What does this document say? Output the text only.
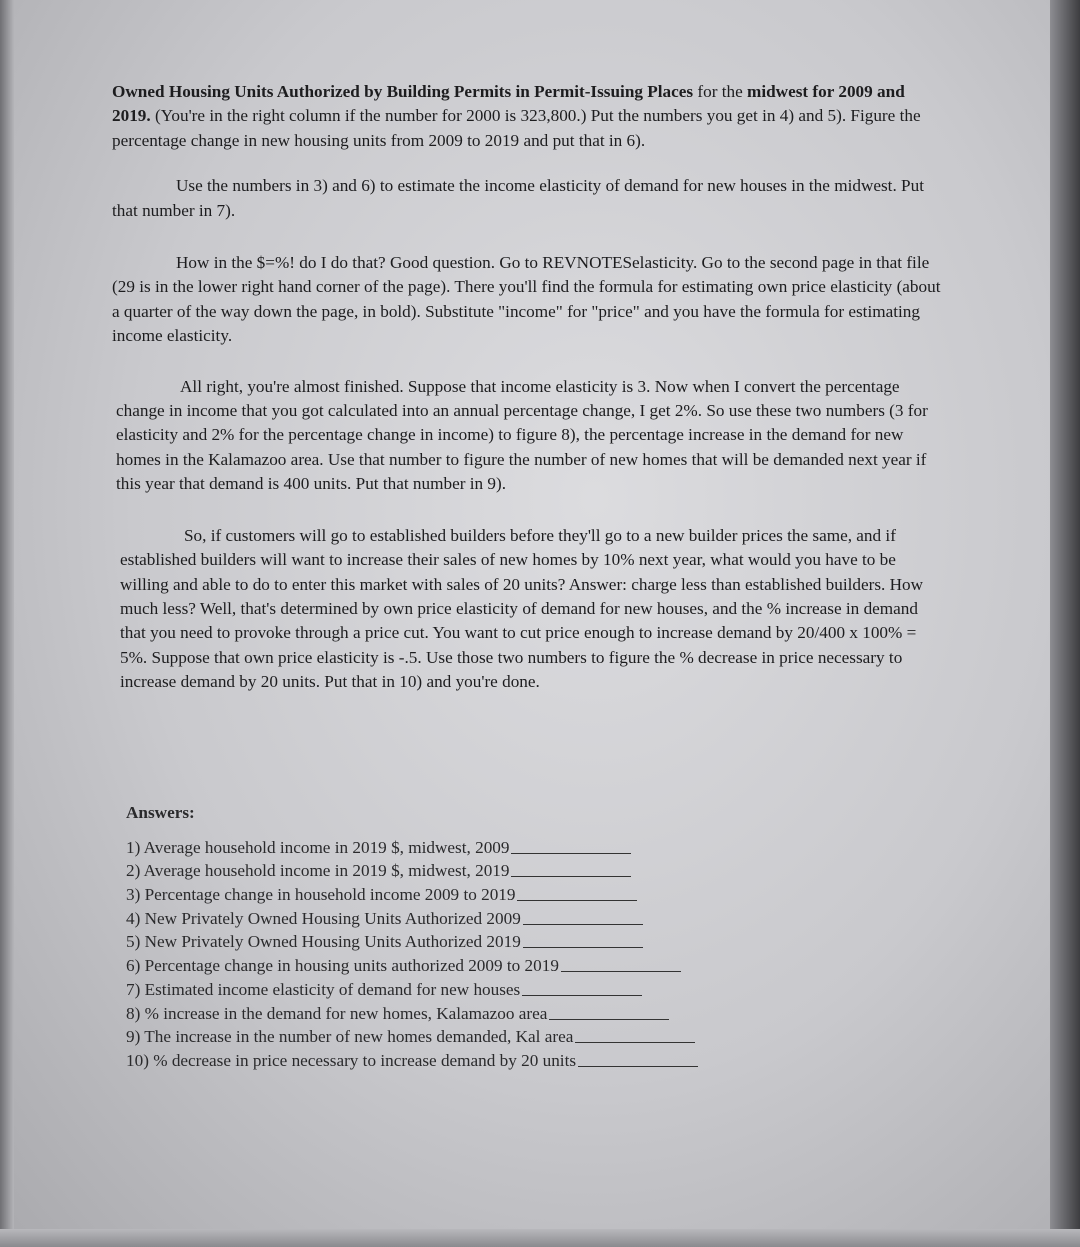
Owned Housing Units Authorized by Building Permits in Permit-Issuing Places for the midwest for 2009 and 2019. (You're in the right column if the number for 2000 is 323,800.) Put the numbers you get in 4) and 5). Figure the percentage change in new housing units from 2009 to 2019 and put that in 6).

Use the numbers in 3) and 6) to estimate the income elasticity of demand for new houses in the midwest. Put that number in 7).

How in the $=%! do I do that? Good question. Go to REVNOTESelasticity. Go to the second page in that file (29 is in the lower right hand corner of the page). There you'll find the formula for estimating own price elasticity (about a quarter of the way down the page, in bold). Substitute "income" for "price" and you have the formula for estimating income elasticity.

All right, you're almost finished. Suppose that income elasticity is 3. Now when I convert the percentage change in income that you got calculated into an annual percentage change, I get 2%. So use these two numbers (3 for elasticity and 2% for the percentage change in income) to figure 8), the percentage increase in the demand for new homes in the Kalamazoo area. Use that number to figure the number of new homes that will be demanded next year if this year that demand is 400 units. Put that number in 9).

So, if customers will go to established builders before they'll go to a new builder prices the same, and if established builders will want to increase their sales of new homes by 10% next year, what would you have to be willing and able to do to enter this market with sales of 20 units? Answer: charge less than established builders. How much less? Well, that's determined by own price elasticity of demand for new houses, and the % increase in demand that you need to provoke through a price cut. You want to cut price enough to increase demand by 20/400 x 100% = 5%. Suppose that own price elasticity is -.5. Use those two numbers to figure the % decrease in price necessary to increase demand by 20 units. Put that in 10) and you're done.

Answers:
1) Average household income in 2019 $, midwest, 2009
2) Average household income in 2019 $, midwest, 2019
3) Percentage change in household income 2009 to 2019
4) New Privately Owned Housing Units Authorized 2009
5) New Privately Owned Housing Units Authorized 2019
6) Percentage change in housing units authorized 2009 to 2019
7) Estimated income elasticity of demand for new houses
8) % increase in the demand for new homes, Kalamazoo area
9) The increase in the number of new homes demanded, Kal area
10) % decrease in price necessary to increase demand by 20 units
